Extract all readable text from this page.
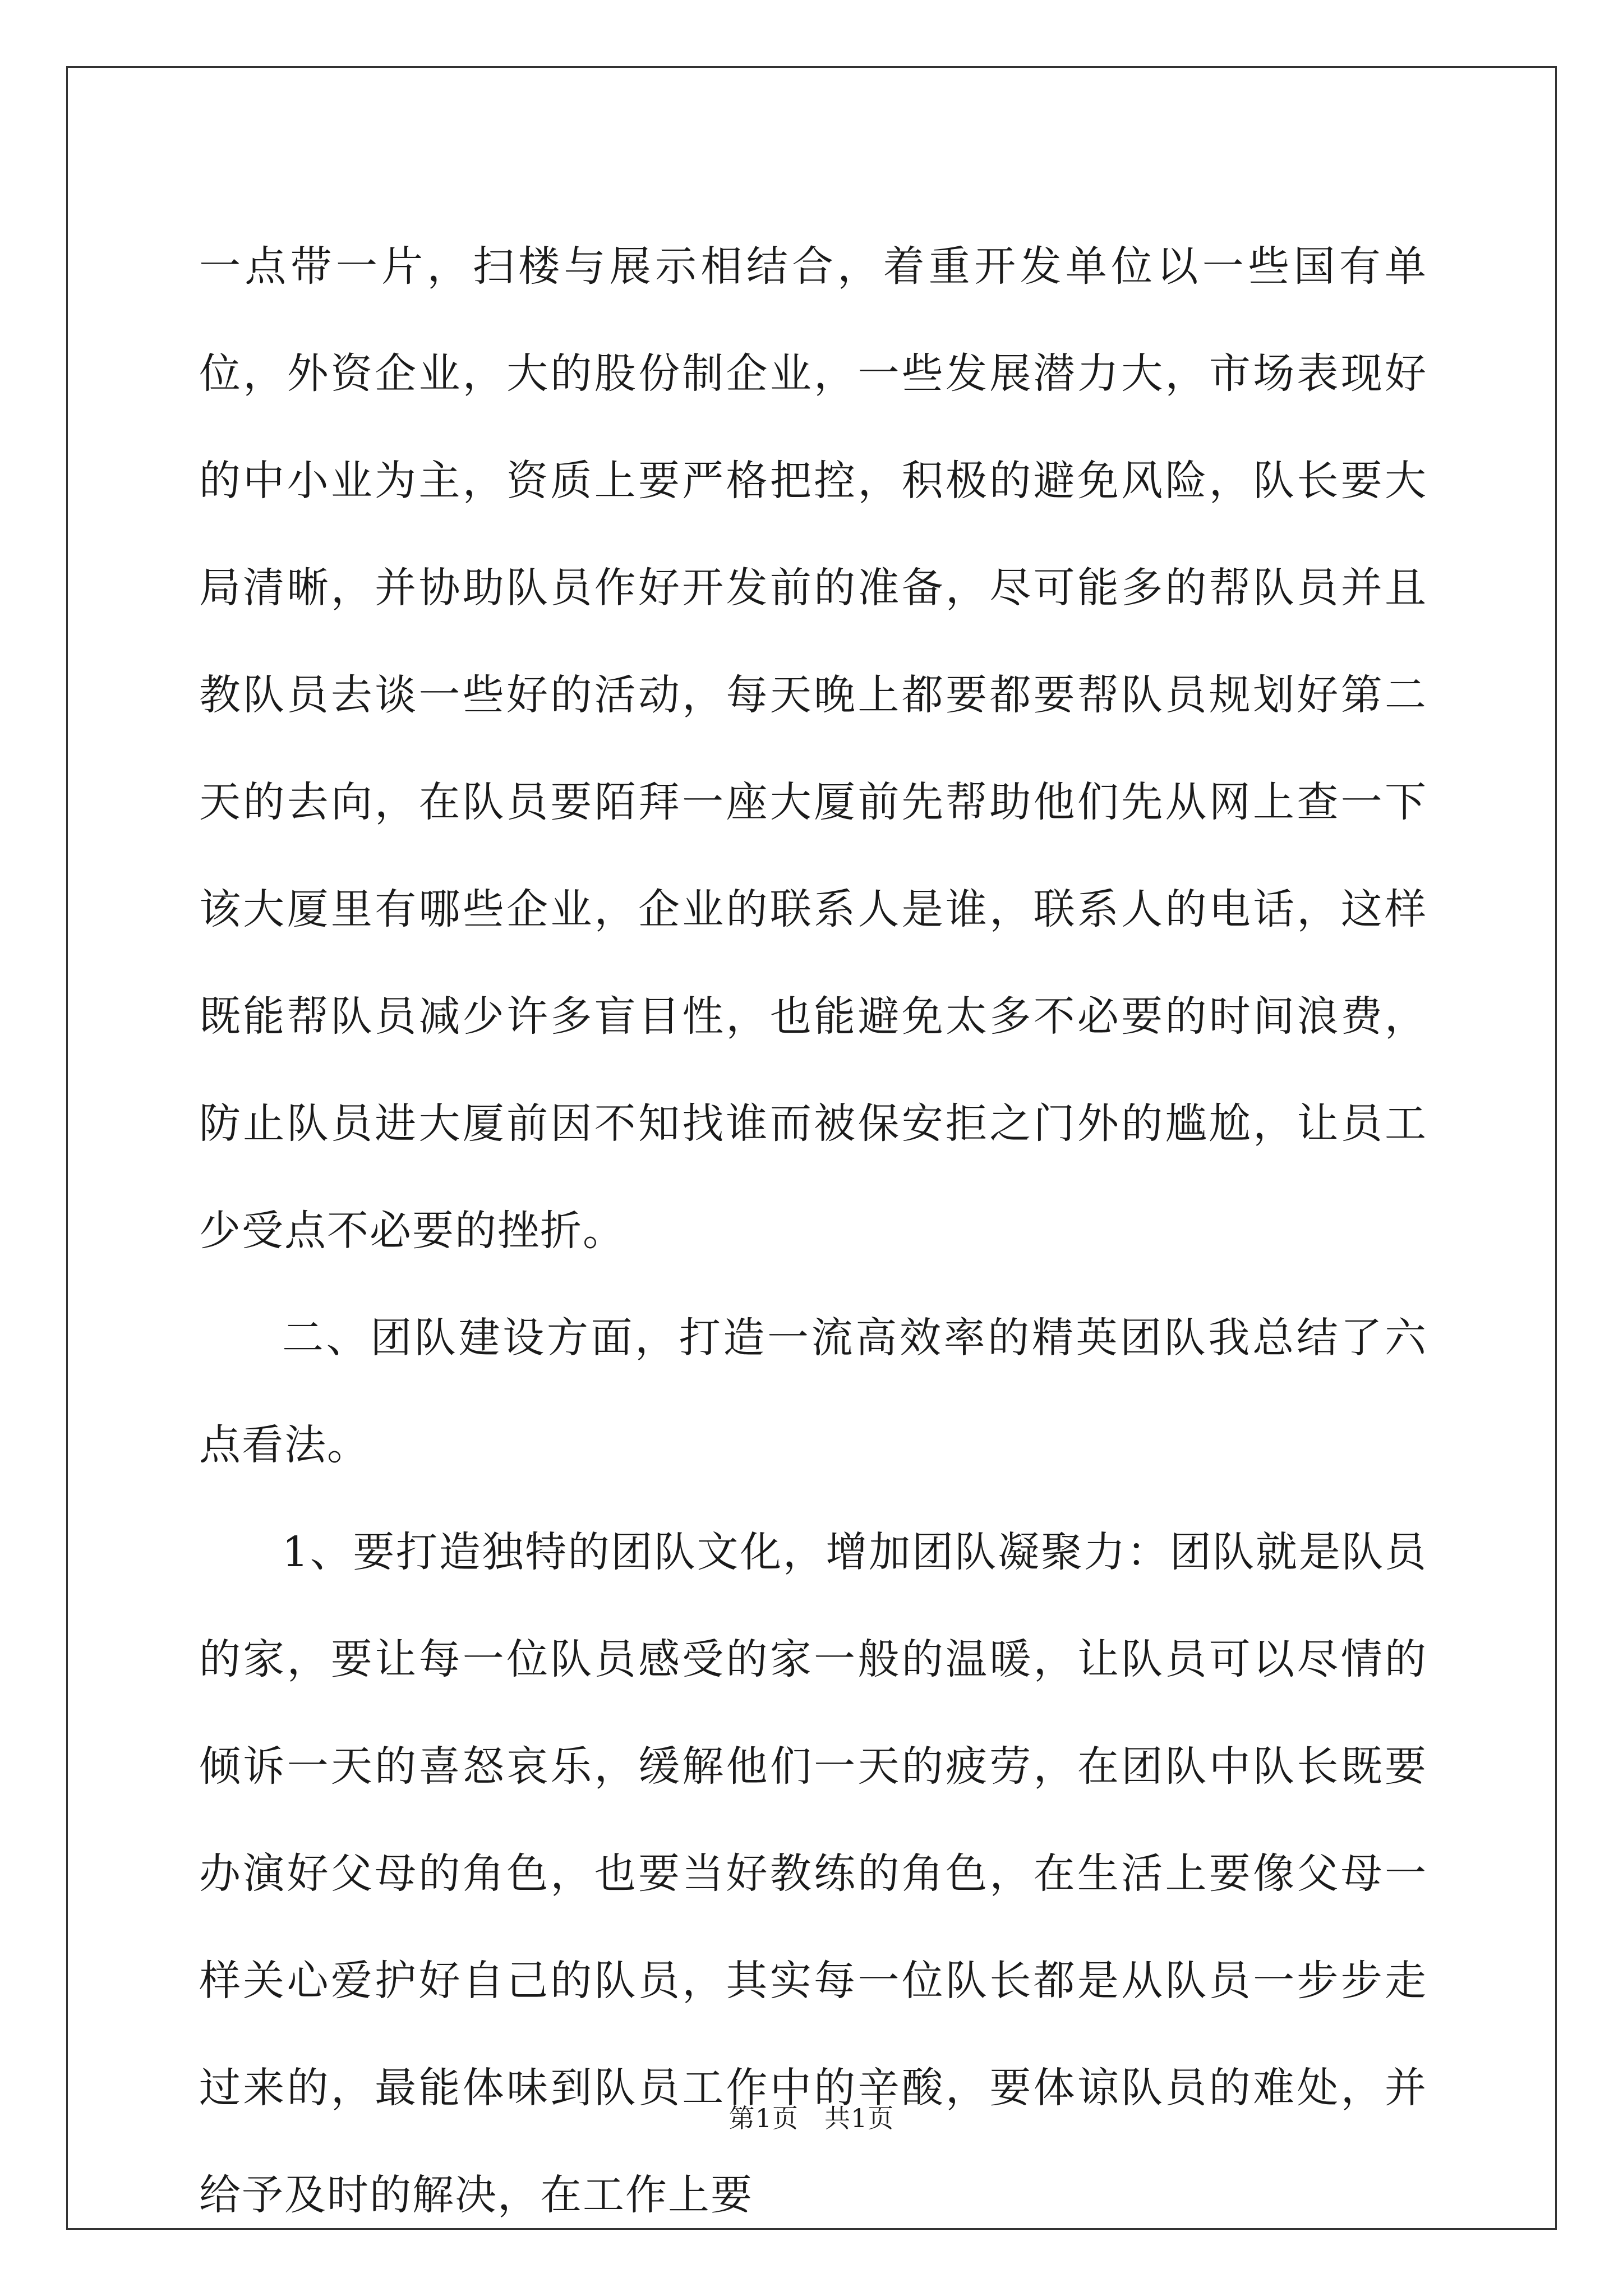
一点带一片，扫楼与展示相结合，着重开发单位以一些国有单位，外资企业，大的股份制企业，一些发展潜力大，市场表现好的中小业为主，资质上要严格把控，积极的避免风险，队长要大局清晰，并协助队员作好开发前的准备，尽可能多的帮队员并且教队员去谈一些好的活动，每天晚上都要都要帮队员规划好第二天的去向，在队员要陌拜一座大厦前先帮助他们先从网上查一下该大厦里有哪些企业，企业的联系人是谁，联系人的电话，这样既能帮队员减少许多盲目性，也能避免太多不必要的时间浪费，防止队员进大厦前因不知找谁而被保安拒之门外的尴尬，让员工少受点不必要的挫折。

二、团队建设方面，打造一流高效率的精英团队我总结了六点看法。

1、要打造独特的团队文化，增加团队凝聚力：团队就是队员的家，要让每一位队员感受的家一般的温暖，让队员可以尽情的倾诉一天的喜怒哀乐，缓解他们一天的疲劳，在团队中队长既要办演好父母的角色，也要当好教练的角色，在生活上要像父母一样关心爱护好自己的队员，其实每一位队长都是从队员一步步走过来的，最能体味到队员工作中的辛酸，要体谅队员的难处，并给予及时的解决，在工作上要

第1页 共1页
